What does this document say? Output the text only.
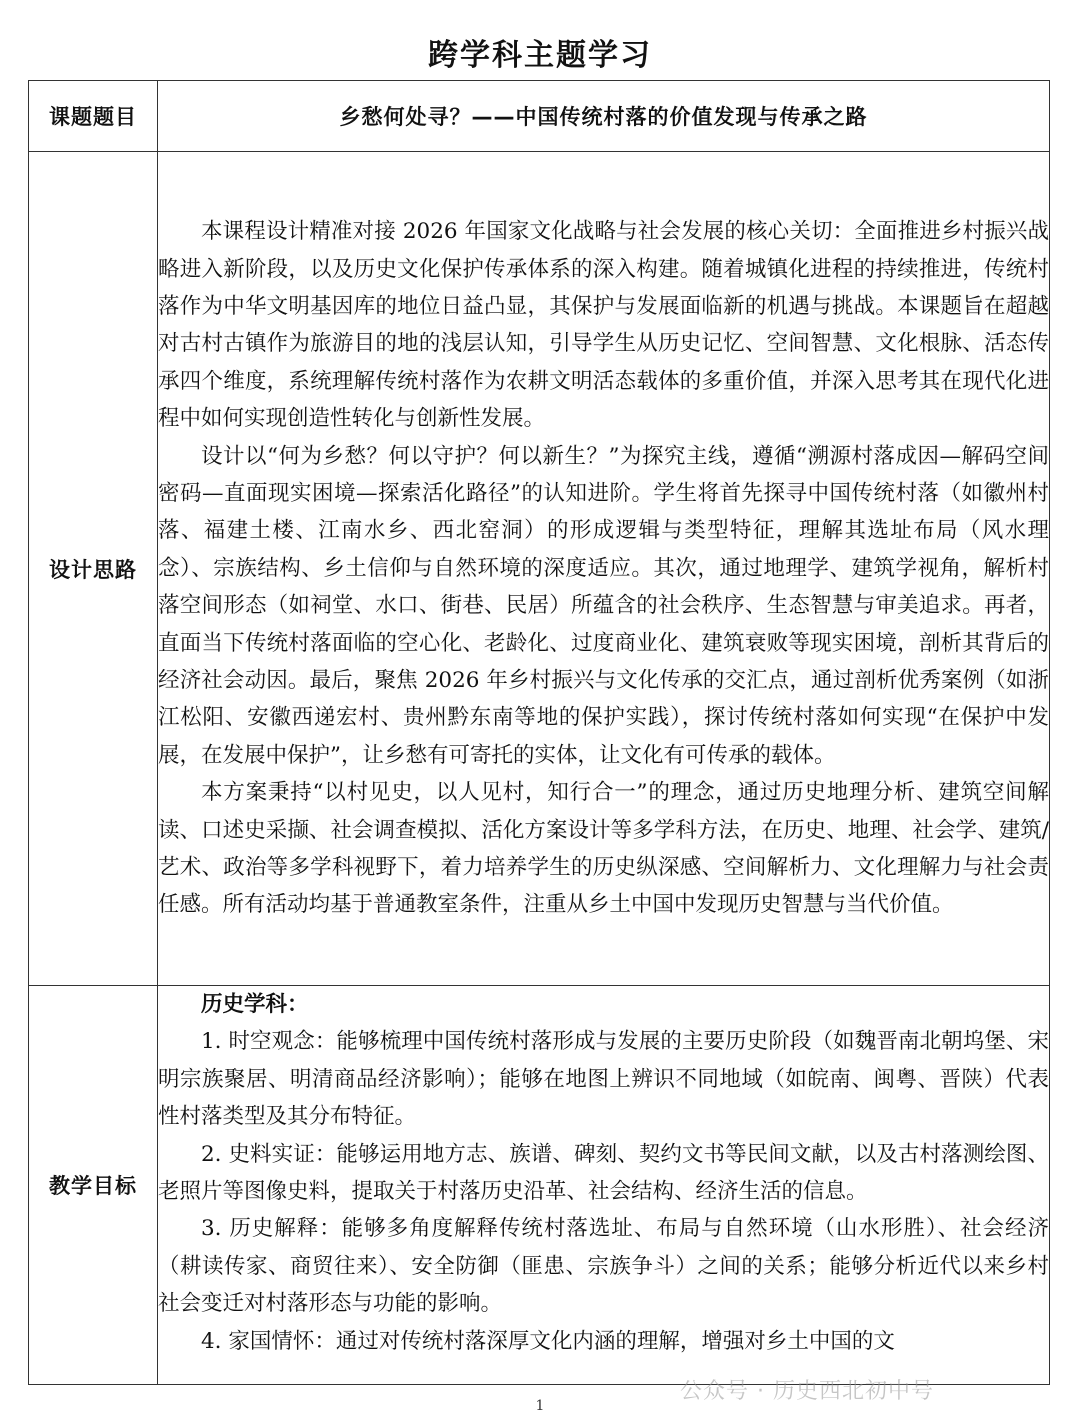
跨学科主题学习
课题题目	乡愁何处寻？——中国传统村落的价值发现与传承之路
设计思路	本课程设计精准对接 2026 年国家文化战略与社会发展的核心关切：全面推进乡村振兴战略进入新阶段，以及历史文化保护传承体系的深入构建。随着城镇化进程的持续推进，传统村落作为中华文明基因库的地位日益凸显，其保护与发展面临新的机遇与挑战。本课题旨在超越对古村古镇作为旅游目的地的浅层认知，引导学生从历史记忆、空间智慧、文化根脉、活态传承四个维度，系统理解传统村落作为农耕文明活态载体的多重价值，并深入思考其在现代化进程中如何实现创造性转化与创新性发展。

设计以“何为乡愁？何以守护？何以新生？”为探究主线，遵循“溯源村落成因—解码空间密码—直面现实困境—探索活化路径”的认知进阶。学生将首先探寻中国传统村落（如徽州村落、福建土楼、江南水乡、西北窑洞）的形成逻辑与类型特征，理解其选址布局（风水理念）、宗族结构、乡土信仰与自然环境的深度适应。其次，通过地理学、建筑学视角，解析村落空间形态（如祠堂、水口、街巷、民居）所蕴含的社会秩序、生态智慧与审美追求。再者，直面当下传统村落面临的空心化、老龄化、过度商业化、建筑衰败等现实困境，剖析其背后的经济社会动因。最后，聚焦 2026 年乡村振兴与文化传承的交汇点，通过剖析优秀案例（如浙江松阳、安徽西递宏村、贵州黔东南等地的保护实践），探讨传统村落如何实现“在保护中发展，在发展中保护”，让乡愁有可寄托的实体，让文化有可传承的载体。

本方案秉持“以村见史，以人见村，知行合一”的理念，通过历史地理分析、建筑空间解读、口述史采撷、社会调查模拟、活化方案设计等多学科方法，在历史、地理、社会学、建筑/艺术、政治等多学科视野下，着力培养学生的历史纵深感、空间解析力、文化理解力与社会责任感。所有活动均基于普通教室条件，注重从乡土中国中发现历史智慧与当代价值。

教学目标	历史学科：

1. 时空观念：能够梳理中国传统村落形成与发展的主要历史阶段（如魏晋南北朝坞堡、宋明宗族聚居、明清商品经济影响）；能够在地图上辨识不同地域（如皖南、闽粤、晋陕）代表性村落类型及其分布特征。

2. 史料实证：能够运用地方志、族谱、碑刻、契约文书等民间文献，以及古村落测绘图、老照片等图像史料，提取关于村落历史沿革、社会结构、经济生活的信息。

3. 历史解释：能够多角度解释传统村落选址、布局与自然环境（山水形胜）、社会经济（耕读传家、商贸往来）、安全防御（匪患、宗族争斗）之间的关系；能够分析近代以来乡村社会变迁对村落形态与功能的影响。

4. 家国情怀：通过对传统村落深厚文化内涵的理解，增强对乡土中国的文

公众号 · 历史西北初中号
1
